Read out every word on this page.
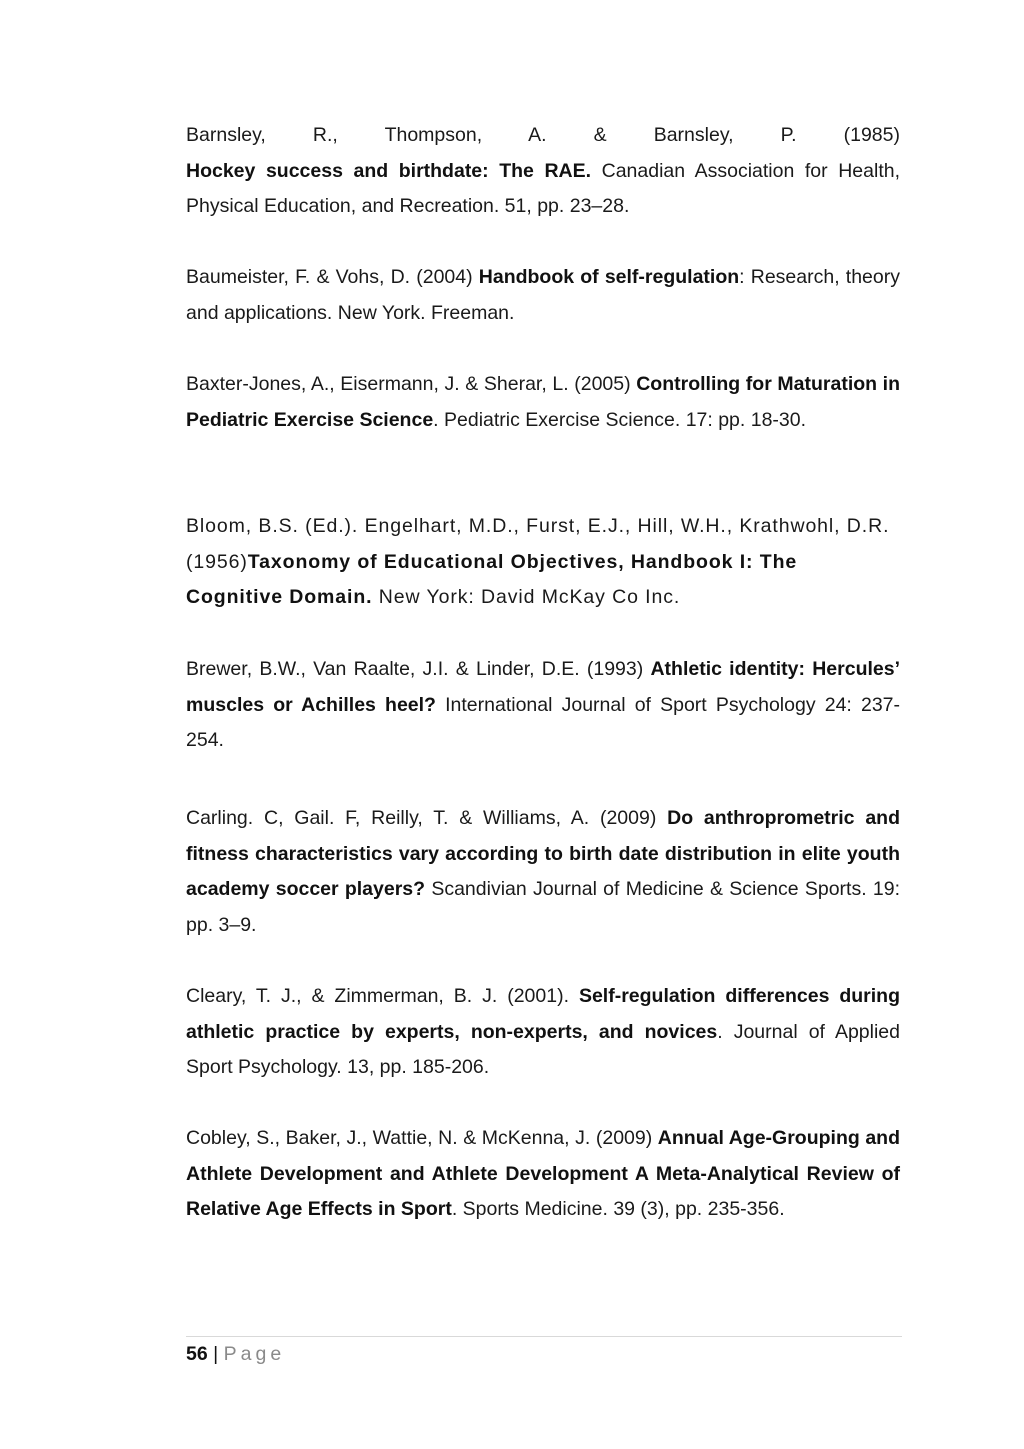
Barnsley, R., Thompson, A. & Barnsley, P. (1985)
Hockey success and birthdate: The RAE. Canadian Association for Health, Physical Education, and Recreation. 51, pp. 23–28.

Baumeister, F. & Vohs, D. (2004) Handbook of self-regulation: Research, theory and applications. New York. Freeman.

Baxter-Jones, A., Eisermann, J. & Sherar, L. (2005) Controlling for Maturation in Pediatric Exercise Science. Pediatric Exercise Science. 17: pp. 18-30.

Bloom, B.S. (Ed.). Engelhart, M.D., Furst, E.J., Hill, W.H., Krathwohl, D.R. (1956)Taxonomy of Educational Objectives, Handbook I: The Cognitive Domain. New York: David McKay Co Inc.

Brewer, B.W., Van Raalte, J.I. & Linder, D.E. (1993) Athletic identity: Hercules’ muscles or Achilles heel? International Journal of Sport Psychology 24: 237-254.

Carling. C, Gail. F, Reilly, T. & Williams, A. (2009) Do anthroprometric and fitness characteristics vary according to birth date distribution in elite youth academy soccer players? Scandivian Journal of Medicine & Science Sports. 19: pp. 3–9.

Cleary, T. J., & Zimmerman, B. J. (2001). Self-regulation differences during athletic practice by experts, non-experts, and novices. Journal of Applied Sport Psychology. 13, pp. 185-206.

Cobley, S., Baker, J., Wattie, N. & McKenna, J. (2009) Annual Age-Grouping and Athlete Development and Athlete Development A Meta-Analytical Review of Relative Age Effects in Sport. Sports Medicine. 39 (3), pp. 235-356.

56 | Page
